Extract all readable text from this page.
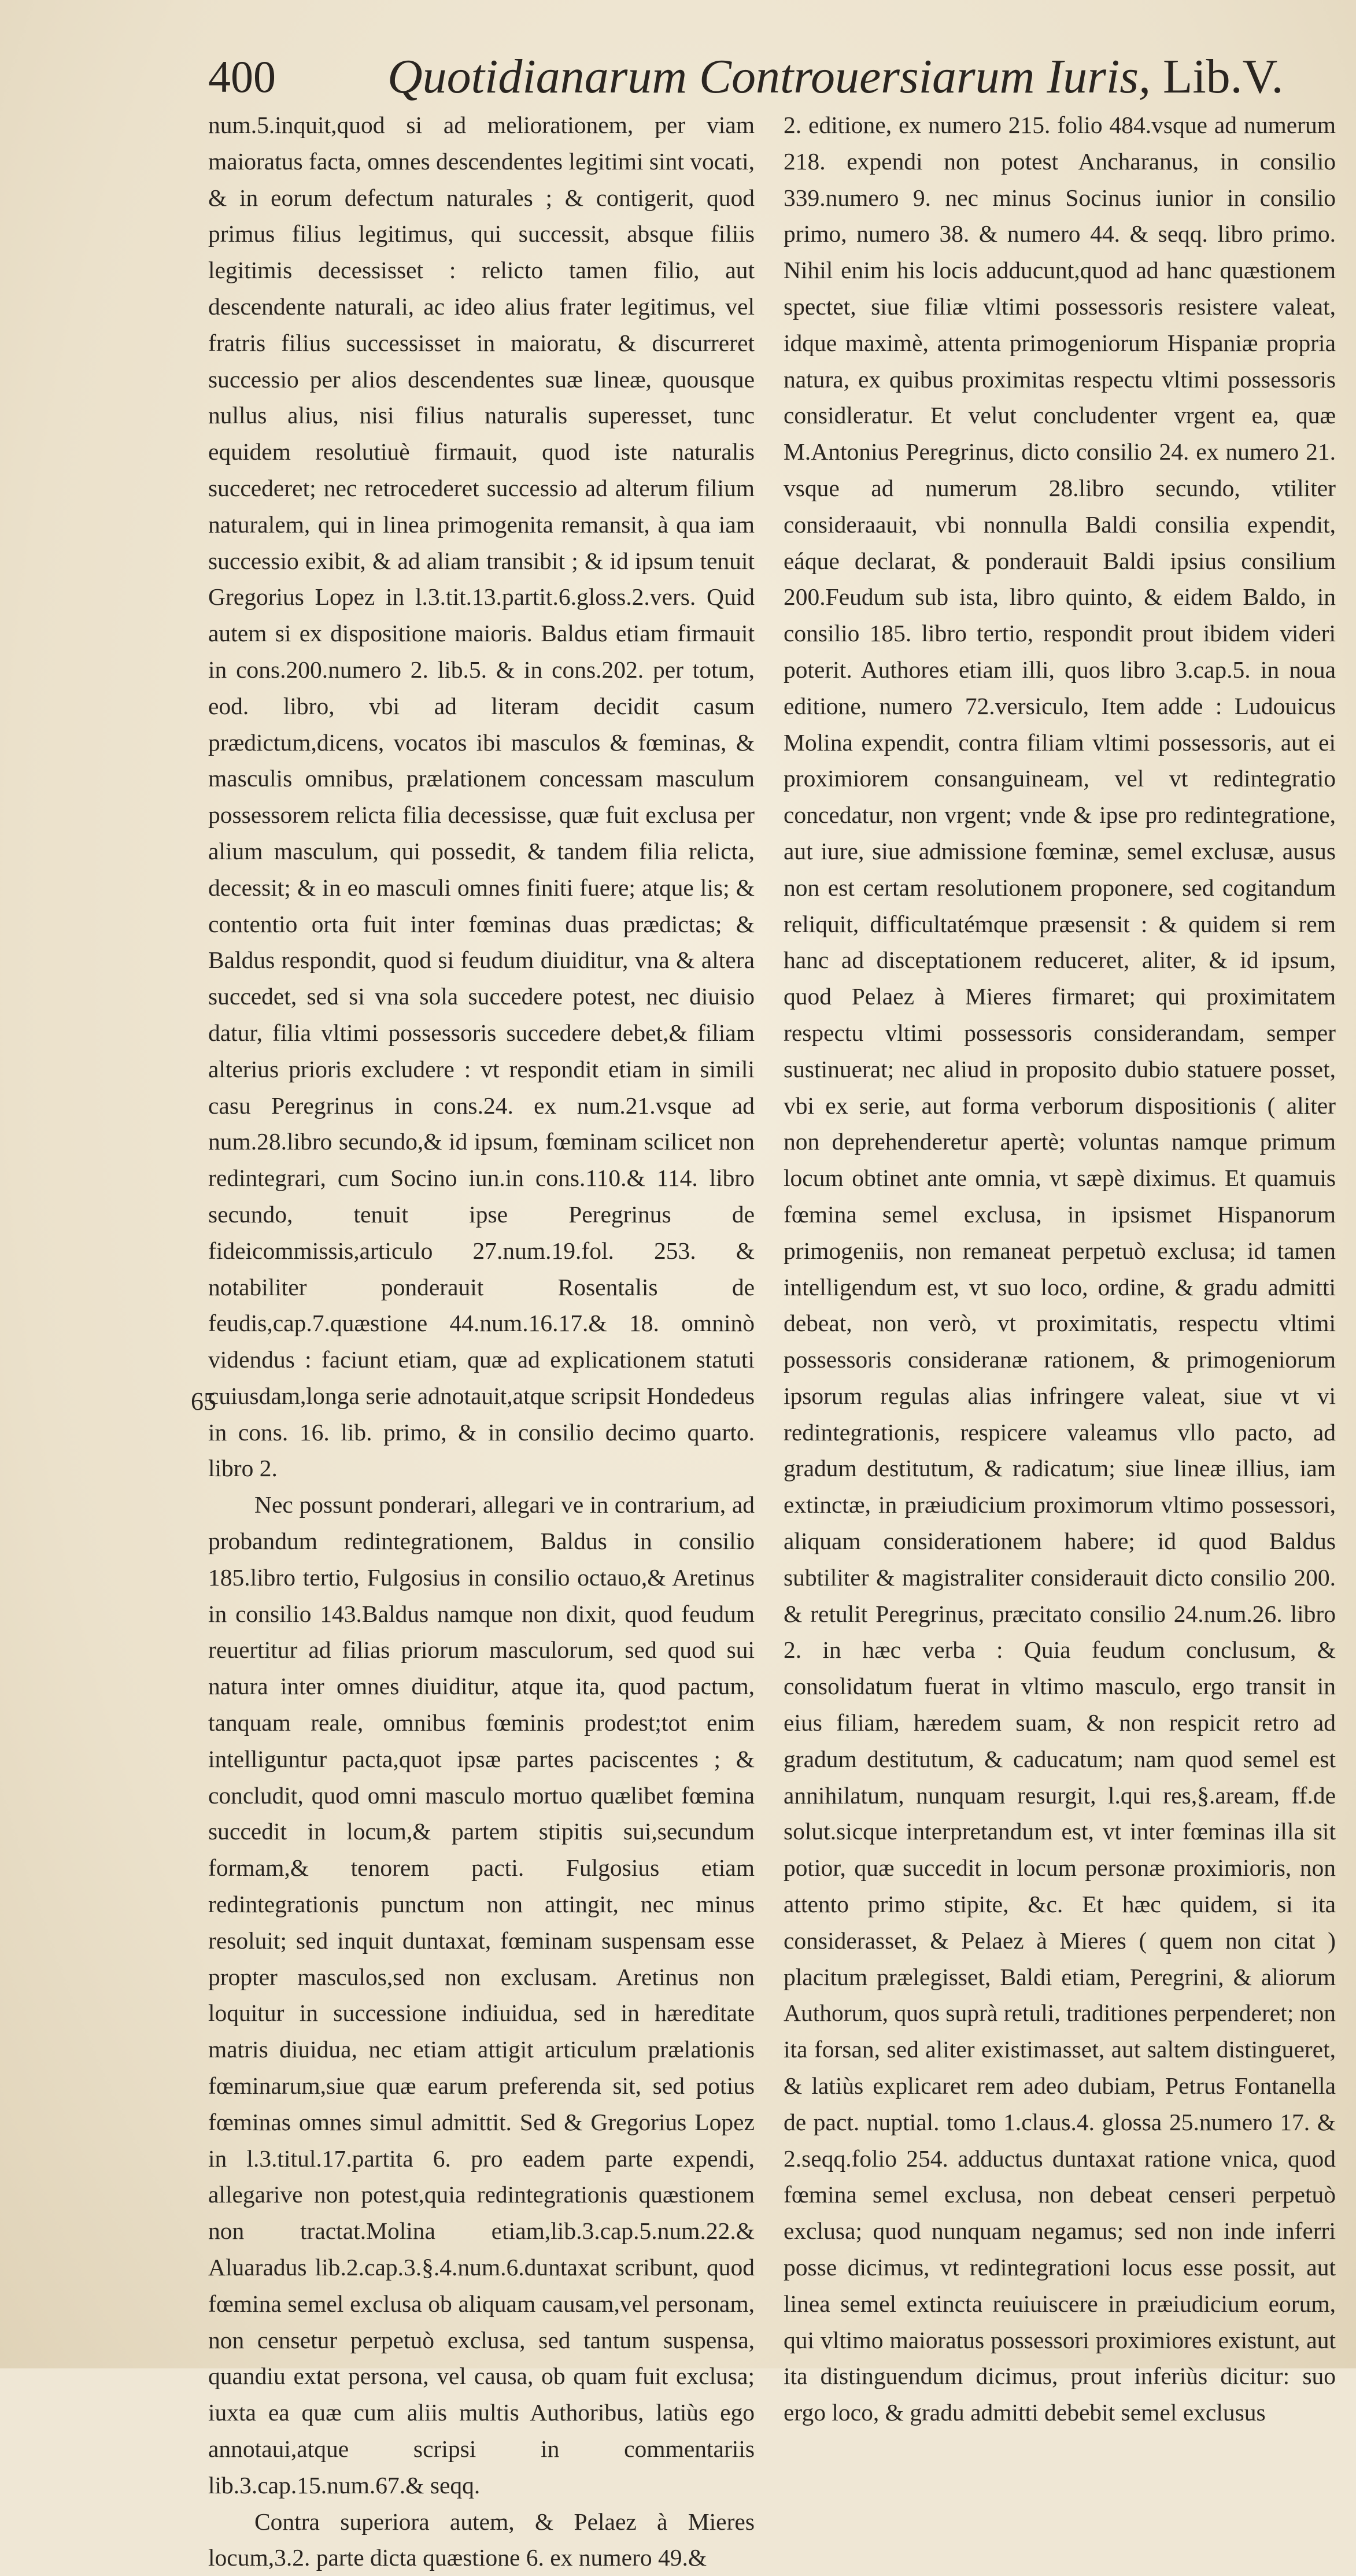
400 Quotidianarum Controuersiarum Iuris, Lib.V.
65

num.5.inquit,quod si ad meliorationem, per viam maioratus facta, omnes descendentes legitimi sint vocati, & in eorum defectum naturales ; & contigerit, quod primus filius legitimus, qui successit, absque filiis legitimis decessisset : relicto tamen filio, aut descendente naturali, ac ideo alius frater legitimus, vel fratris filius successisset in maioratu, & discurreret successio per alios descendentes suæ lineæ, quousque nullus alius, nisi filius naturalis superesset, tunc equidem resolutiuè firmauit, quod iste naturalis succederet; nec retrocederet successio ad alterum filium naturalem, qui in linea primogenita remansit, à qua iam successio exibit, & ad aliam transibit ; & id ipsum tenuit Gregorius Lopez in l.3.tit.13.partit.6.gloss.2.vers. Quid autem si ex dispositione maioris. Baldus etiam firmauit in cons.200.numero 2. lib.5. & in cons.202. per totum, eod. libro, vbi ad literam decidit casum prædictum,dicens, vocatos ibi masculos & fœminas, & masculis omnibus, prælationem concessam masculum possessorem relicta filia decessisse, quæ fuit exclusa per alium masculum, qui possedit, & tandem filia relicta, decessit; & in eo masculi omnes finiti fuere; atque lis; & contentio orta fuit inter fœminas duas prædictas; & Baldus respondit, quod si feudum diuiditur, vna & altera succedet, sed si vna sola succedere potest, nec diuisio datur, filia vltimi possessoris succedere debet,& filiam alterius prioris excludere : vt respondit etiam in simili casu Peregrinus in cons.24. ex num.21.vsque ad num.28.libro secundo,& id ipsum, fœminam scilicet non redintegrari, cum Socino iun.in cons.110.& 114. libro secundo, tenuit ipse Peregrinus de fideicommissis,articulo 27.num.19.fol. 253. & notabiliter ponderauit Rosentalis de feudis,cap.7.quæstione 44.num.16.17.& 18. omninò videndus : faciunt etiam, quæ ad explicationem statuti cuiusdam,longa serie adnotauit,atque scripsit Hondedeus in cons. 16. lib. primo, & in consilio decimo quarto. libro 2.

Nec possunt ponderari, allegari ve in contrarium, ad probandum redintegrationem, Baldus in consilio 185.libro tertio, Fulgosius in consilio octauo,& Aretinus in consilio 143.Baldus namque non dixit, quod feudum reuertitur ad filias priorum masculorum, sed quod sui natura inter omnes diuiditur, atque ita, quod pactum, tanquam reale, omnibus fœminis prodest;tot enim intelliguntur pacta,quot ipsæ partes paciscentes ; & concludit, quod omni masculo mortuo quælibet fœmina succedit in locum,& partem stipitis sui,secundum formam,& tenorem pacti. Fulgosius etiam redintegrationis punctum non attingit, nec minus resoluit; sed inquit duntaxat, fœminam suspensam esse propter masculos,sed non exclusam. Aretinus non loquitur in successione indiuidua, sed in hæreditate matris diuidua, nec etiam attigit articulum prælationis fœminarum,siue quæ earum preferenda sit, sed potius fœminas omnes simul admittit. Sed & Gregorius Lopez in l.3.titul.17.partita 6. pro eadem parte expendi, allegarive non potest,quia redintegrationis quæstionem non tractat.Molina etiam,lib.3.cap.5.num.22.& Aluaradus lib.2.cap.3.§.4.num.6.duntaxat scribunt, quod fœmina semel exclusa ob aliquam causam,vel personam, non censetur perpetuò exclusa, sed tantum suspensa, quandiu extat persona, vel causa, ob quam fuit exclusa; iuxta ea quæ cum aliis multis Authoribus, latiùs ego annotaui,atque scripsi in commentariis lib.3.cap.15.num.67.& seqq.

Contra superiora autem, & Pelaez à Mieres locum,3.2. parte dicta quæstione 6. ex numero 49.&

2. editione, ex numero 215. folio 484.vsque ad numerum 218. expendi non potest Ancharanus, in consilio 339.numero 9. nec minus Socinus iunior in consilio primo, numero 38. & numero 44. & seqq. libro primo. Nihil enim his locis adducunt,quod ad hanc quæstionem spectet, siue filiæ vltimi possessoris resistere valeat, idque maximè, attenta primogeniorum Hispaniæ propria natura, ex quibus proximitas respectu vltimi possessoris considleratur. Et velut concludenter vrgent ea, quæ M.Antonius Peregrinus, dicto consilio 24. ex numero 21. vsque ad numerum 28.libro secundo, vtiliter consideraauit, vbi nonnulla Baldi consilia expendit, eáque declarat, & ponderauit Baldi ipsius consilium 200.Feudum sub ista, libro quinto, & eidem Baldo, in consilio 185. libro tertio, respondit prout ibidem videri poterit. Authores etiam illi, quos libro 3.cap.5. in noua editione, numero 72.versiculo, Item adde : Ludouicus Molina expendit, contra filiam vltimi possessoris, aut ei proximiorem consanguineam, vel vt redintegratio concedatur, non vrgent; vnde & ipse pro redintegratione, aut iure, siue admissione fœminæ, semel exclusæ, ausus non est certam resolutionem proponere, sed cogitandum reliquit, difficultatémque præsensit : & quidem si rem hanc ad disceptationem reduceret, aliter, & id ipsum, quod Pelaez à Mieres firmaret; qui proximitatem respectu vltimi possessoris considerandam, semper sustinuerat; nec aliud in proposito dubio statuere posset, vbi ex serie, aut forma verborum dispositionis ( aliter non deprehenderetur apertè; voluntas namque primum locum obtinet ante omnia, vt sæpè diximus. Et quamuis fœmina semel exclusa, in ipsismet Hispanorum primogeniis, non remaneat perpetuò exclusa; id tamen intelligendum est, vt suo loco, ordine, & gradu admitti debeat, non verò, vt proximitatis, respectu vltimi possessoris consideranæ rationem, & primogeniorum ipsorum regulas alias infringere valeat, siue vt vi redintegrationis, respicere valeamus vllo pacto, ad gradum destitutum, & radicatum; siue lineæ illius, iam extinctæ, in præiudicium proximorum vltimo possessori, aliquam considerationem habere; id quod Baldus subtiliter & magistraliter considerauit dicto consilio 200. & retulit Peregrinus, præcitato consilio 24.num.26. libro 2. in hæc verba : Quia feudum conclusum, & consolidatum fuerat in vltimo masculo, ergo transit in eius filiam, hæredem suam, & non respicit retro ad gradum destitutum, & caducatum; nam quod semel est annihilatum, nunquam resurgit, l.qui res,§.aream, ff.de solut.sicque interpretandum est, vt inter fœminas illa sit potior, quæ succedit in locum personæ proximioris, non attento primo stipite, &c. Et hæc quidem, si ita considerasset, & Pelaez à Mieres ( quem non citat ) placitum prælegisset, Baldi etiam, Peregrini, & aliorum Authorum, quos suprà retuli, traditiones perpenderet; non ita forsan, sed aliter existimasset, aut saltem distingueret, & latiùs explicaret rem adeo dubiam, Petrus Fontanella de pact. nuptial. tomo 1.claus.4. glossa 25.numero 17. & 2.seqq.folio 254. adductus duntaxat ratione vnica, quod fœmina semel exclusa, non debeat censeri perpetuò exclusa; quod nunquam negamus; sed non inde inferri posse dicimus, vt redintegrationi locus esse possit, aut linea semel extincta reuiuiscere in præiudicium eorum, qui vltimo maioratus possessori proximiores existunt, aut ita distinguendum dicimus, prout inferiùs dicitur: suo ergo loco, & gradu admitti debebit semel exclusus
